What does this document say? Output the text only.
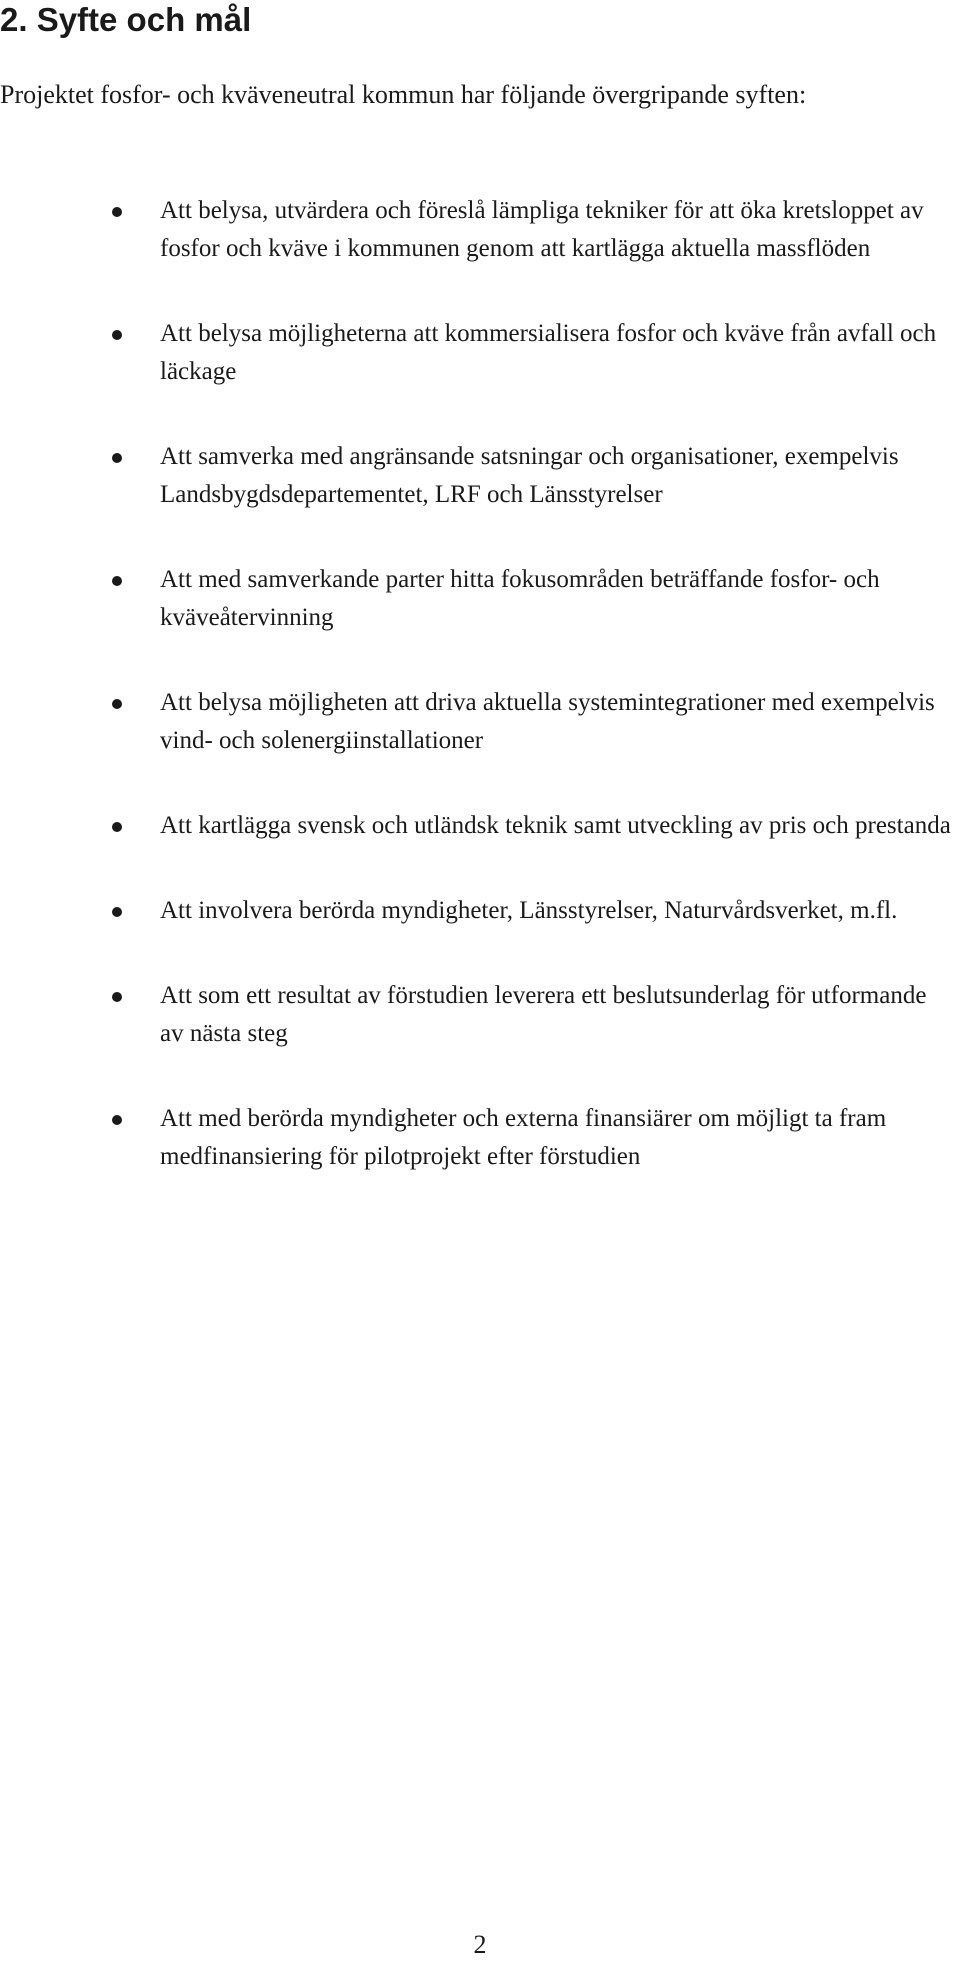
2. Syfte och mål

Projektet fosfor- och kväveneutral kommun har följande övergripande syften:

Att belysa, utvärdera och föreslå lämpliga tekniker för att öka kretsloppet av fosfor och kväve i kommunen genom att kartlägga aktuella massflöden
Att belysa möjligheterna att kommersialisera fosfor och kväve från avfall och läckage
Att samverka med angränsande satsningar och organisationer, exempelvis Landsbygdsdepartementet, LRF och Länsstyrelser
Att med samverkande parter hitta fokusområden beträffande fosfor- och kväveåtervinning
Att belysa möjligheten att driva aktuella systemintegrationer med exempelvis vind- och solenergiinstallationer
Att kartlägga svensk och utländsk teknik samt utveckling av pris och prestanda
Att involvera berörda myndigheter, Länsstyrelser, Naturvårdsverket, m.fl.
Att som ett resultat av förstudien leverera ett beslutsunderlag för utformande av nästa steg
Att med berörda myndigheter och externa finansiärer om möjligt ta fram medfinansiering för pilotprojekt efter förstudien
2
